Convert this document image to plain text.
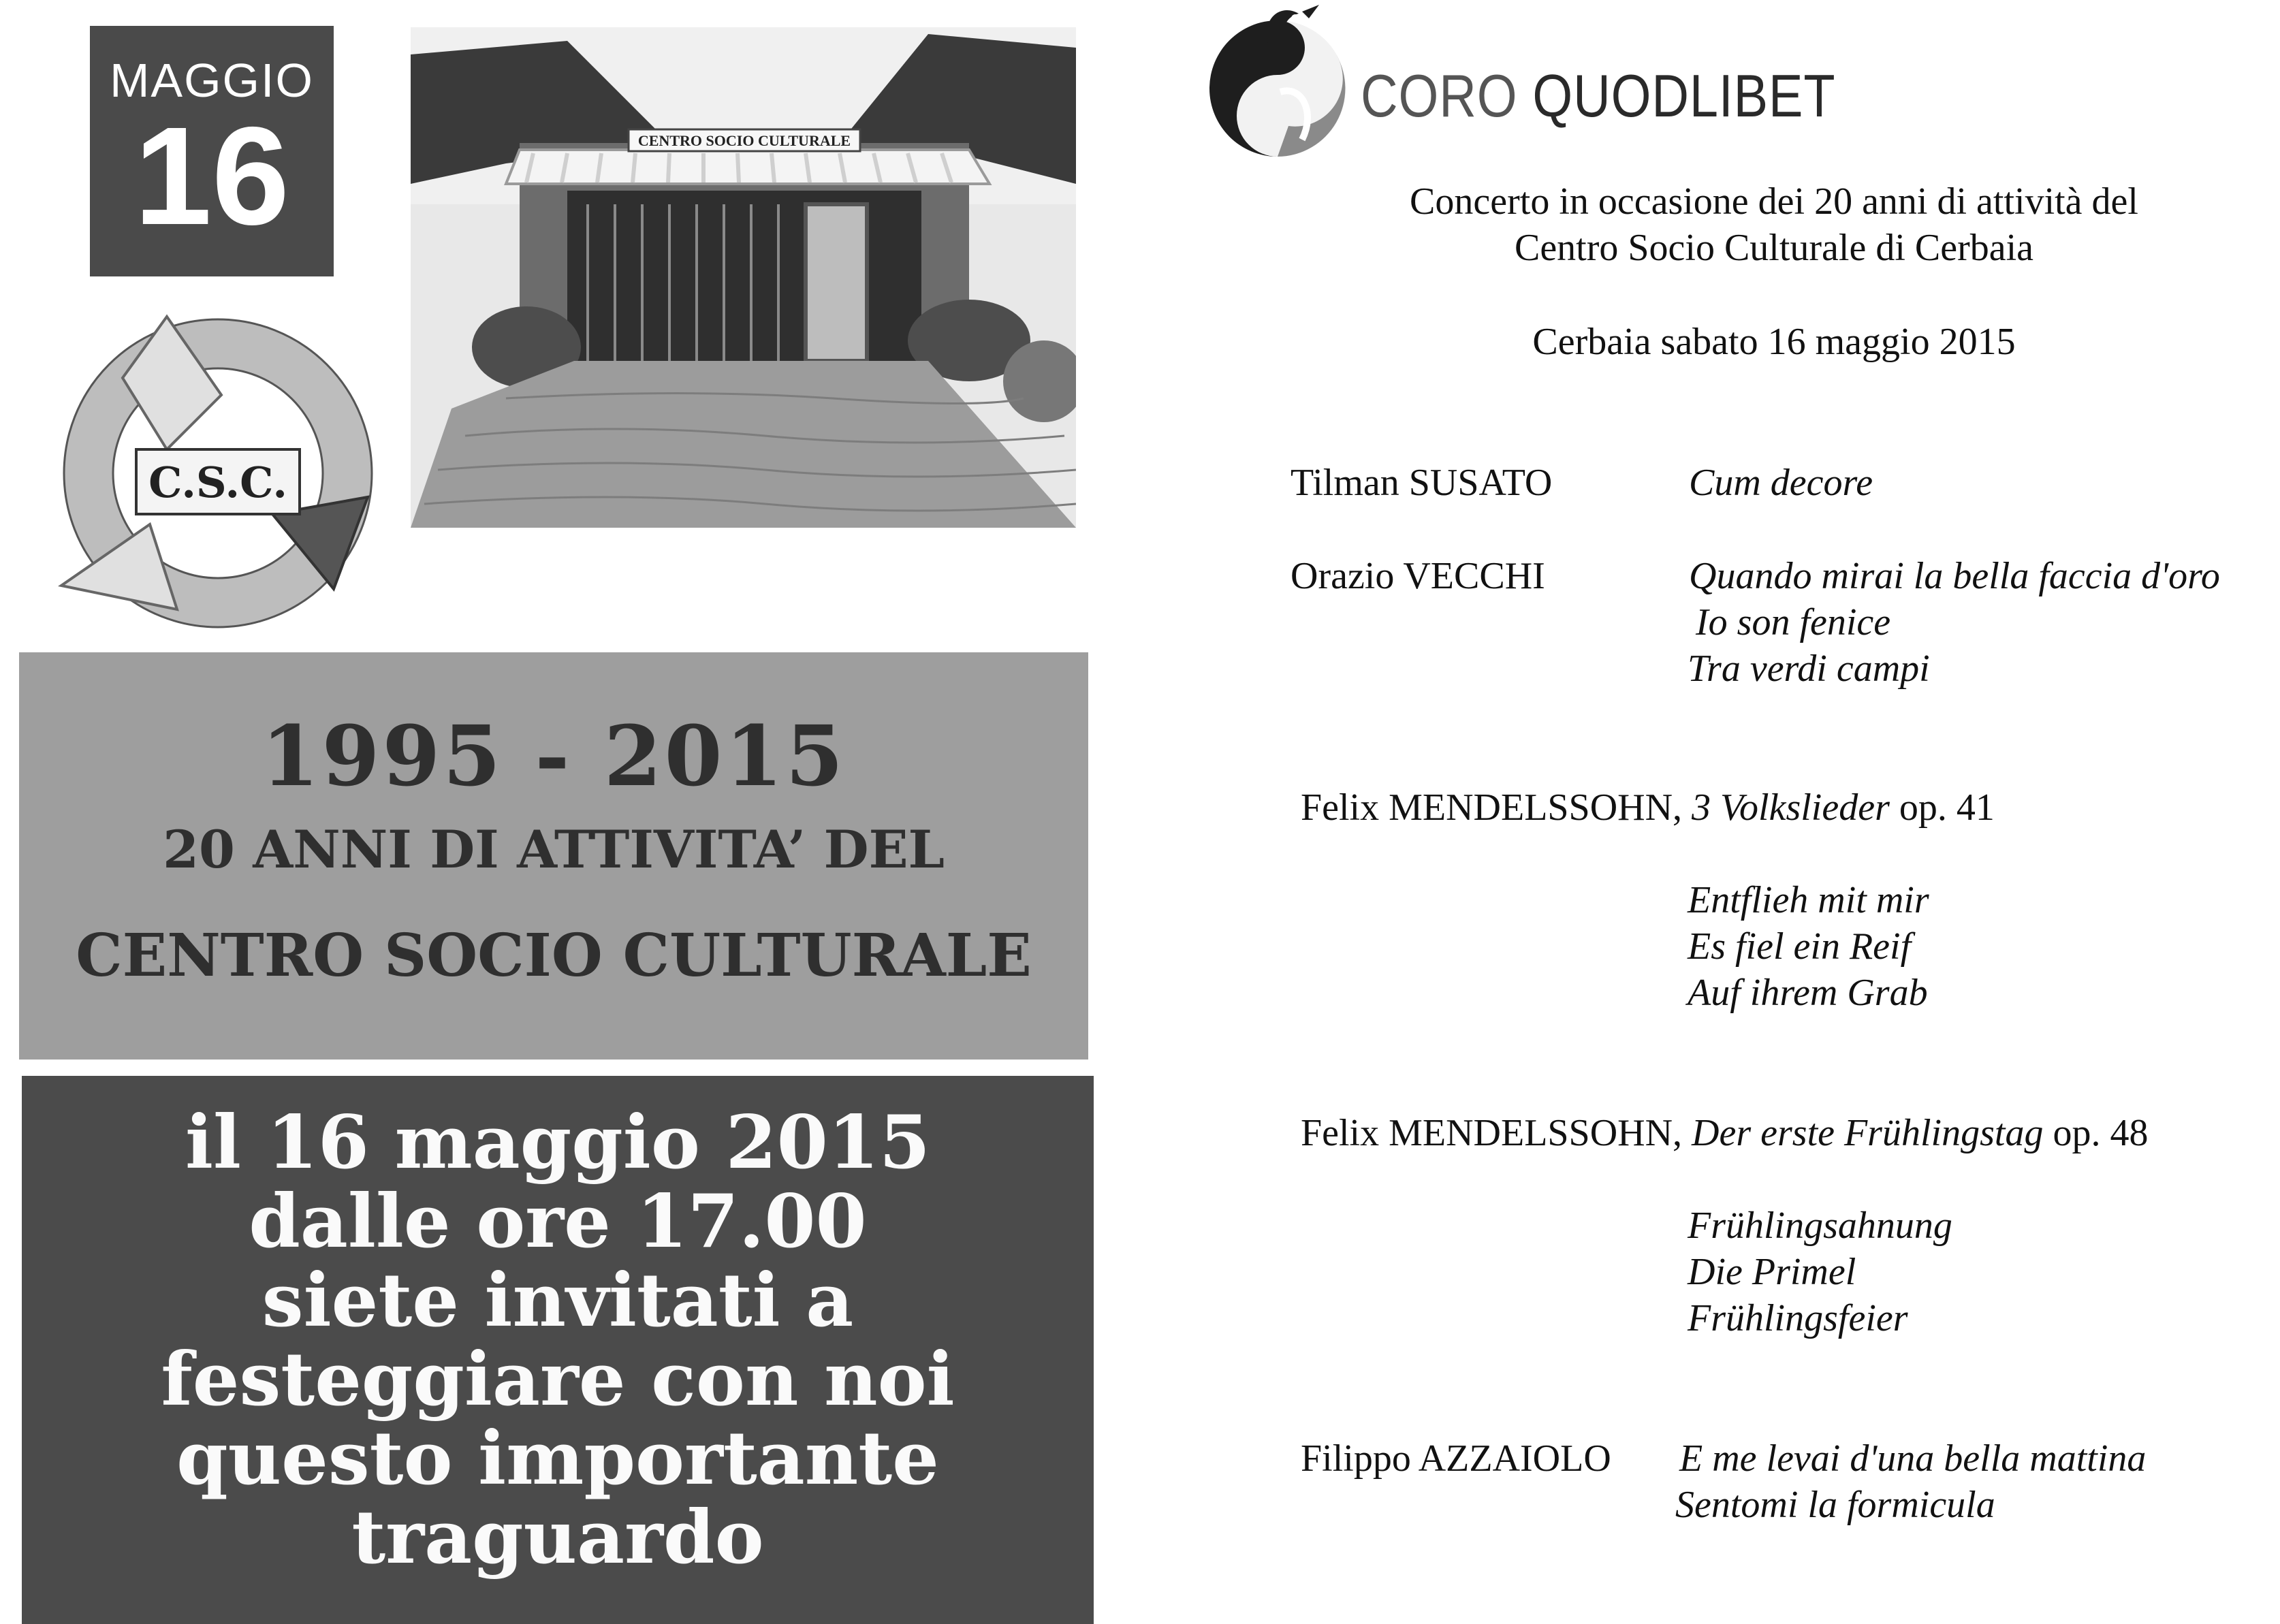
MAGGIO
16	CENTRO SOCIO CULTURALE
C.S.C.
1995 - 2015
20 ANNI DI ATTIVITA’ DEL
CENTRO SOCIO CULTURALE
il 16 maggio 2015
dalle ore 17.00
siete invitati a
festeggiare con noi
questo importante
traguardo
CORO QUODLIBET
Concerto in occasione dei 20 anni di attività del
Centro Socio Culturale di Cerbaia
Cerbaia sabato 16 maggio 2015
Tilman SUSATO	Cum decore
Orazio VECCHI	Quando mirai la bella faccia d'oro
Io son fenice
Tra verdi campi
Felix MENDELSSOHN, 3 Volkslieder op. 41
Entflieh mit mir
Es fiel ein Reif
Auf ihrem Grab
Felix MENDELSSOHN, Der erste Frühlingstag op. 48
Frühlingsahnung
Die Primel
Frühlingsfeier
Filippo AZZAIOLO E me levai d'una bella mattina
Sentomi la formicula
